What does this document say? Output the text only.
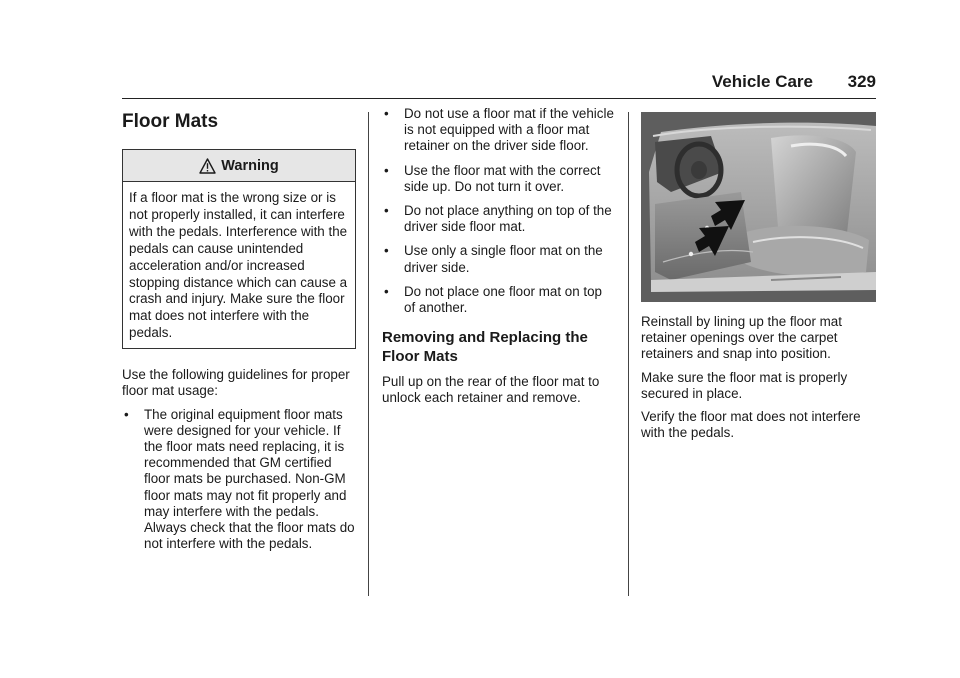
Vehicle Care 329
Floor Mats
Warning
If a floor mat is the wrong size or is not properly installed, it can interfere with the pedals. Interference with the pedals can cause unintended acceleration and/or increased stopping distance which can cause a crash and injury. Make sure the floor mat does not interfere with the pedals.

Use the following guidelines for proper floor mat usage:

• The original equipment floor mats were designed for your vehicle. If the floor mats need replacing, it is recommended that GM certified floor mats be purchased. Non-GM floor mats may not fit properly and may interfere with the pedals. Always check that the floor mats do not interfere with the pedals.
• Do not use a floor mat if the vehicle is not equipped with a floor mat retainer on the driver side floor.
• Use the floor mat with the correct side up. Do not turn it over.
• Do not place anything on top of the driver side floor mat.
• Use only a single floor mat on the driver side.
• Do not place one floor mat on top of another.
Removing and Replacing the Floor Mats

Pull up on the rear of the floor mat to unlock each retainer and remove.

Reinstall by lining up the floor mat retainer openings over the carpet retainers and snap into position.

Make sure the floor mat is properly secured in place.

Verify the floor mat does not interfere with the pedals.
